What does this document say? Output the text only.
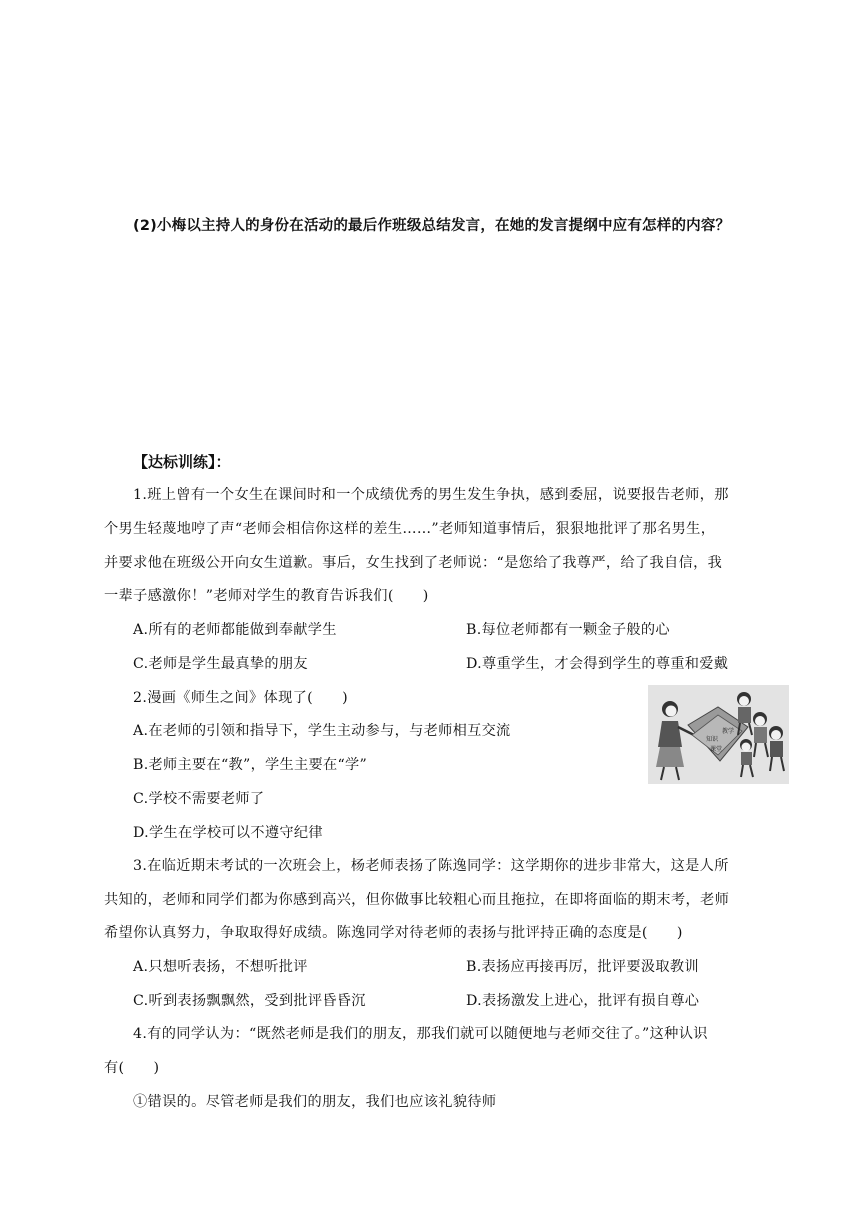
(2)小梅以主持人的身份在活动的最后作班级总结发言，在她的发言提纲中应有怎样的内容？
【达标训练】：
1.班上曾有一个女生在课间时和一个成绩优秀的男生发生争执，感到委屈，说要报告老师，那
个男生轻蔑地哼了声“老师会相信你这样的差生……”老师知道事情后，狠狠地批评了那名男生，
并要求他在班级公开向女生道歉。事后，女生找到了老师说：“是您给了我尊严，给了我自信，我
一辈子感激你！”老师对学生的教育告诉我们(　　)
A.所有的老师都能做到奉献学生	B.每位老师都有一颗金子般的心
C.老师是学生最真挚的朋友	D.尊重学生，才会得到学生的尊重和爱戴
2.漫画《师生之间》体现了(　　)
A.在老师的引领和指导下，学生主动参与，与老师相互交流
B.老师主要在“教”，学生主要在“学”
C.学校不需要老师了
D.学生在学校可以不遵守纪律
知识
教学
课堂
3.在临近期末考试的一次班会上，杨老师表扬了陈逸同学：这学期你的进步非常大，这是人所
共知的，老师和同学们都为你感到高兴，但你做事比较粗心而且拖拉，在即将面临的期末考，老师
希望你认真努力，争取取得好成绩。陈逸同学对待老师的表扬与批评持正确的态度是(　　)
A.只想听表扬，不想听批评	B.表扬应再接再厉，批评要汲取教训
C.听到表扬飘飘然，受到批评昏昏沉	D.表扬激发上进心，批评有损自尊心
4.有的同学认为：“既然老师是我们的朋友，那我们就可以随便地与老师交往了。”这种认识
有(　　)
①错误的。尽管老师是我们的朋友，我们也应该礼貌待师
